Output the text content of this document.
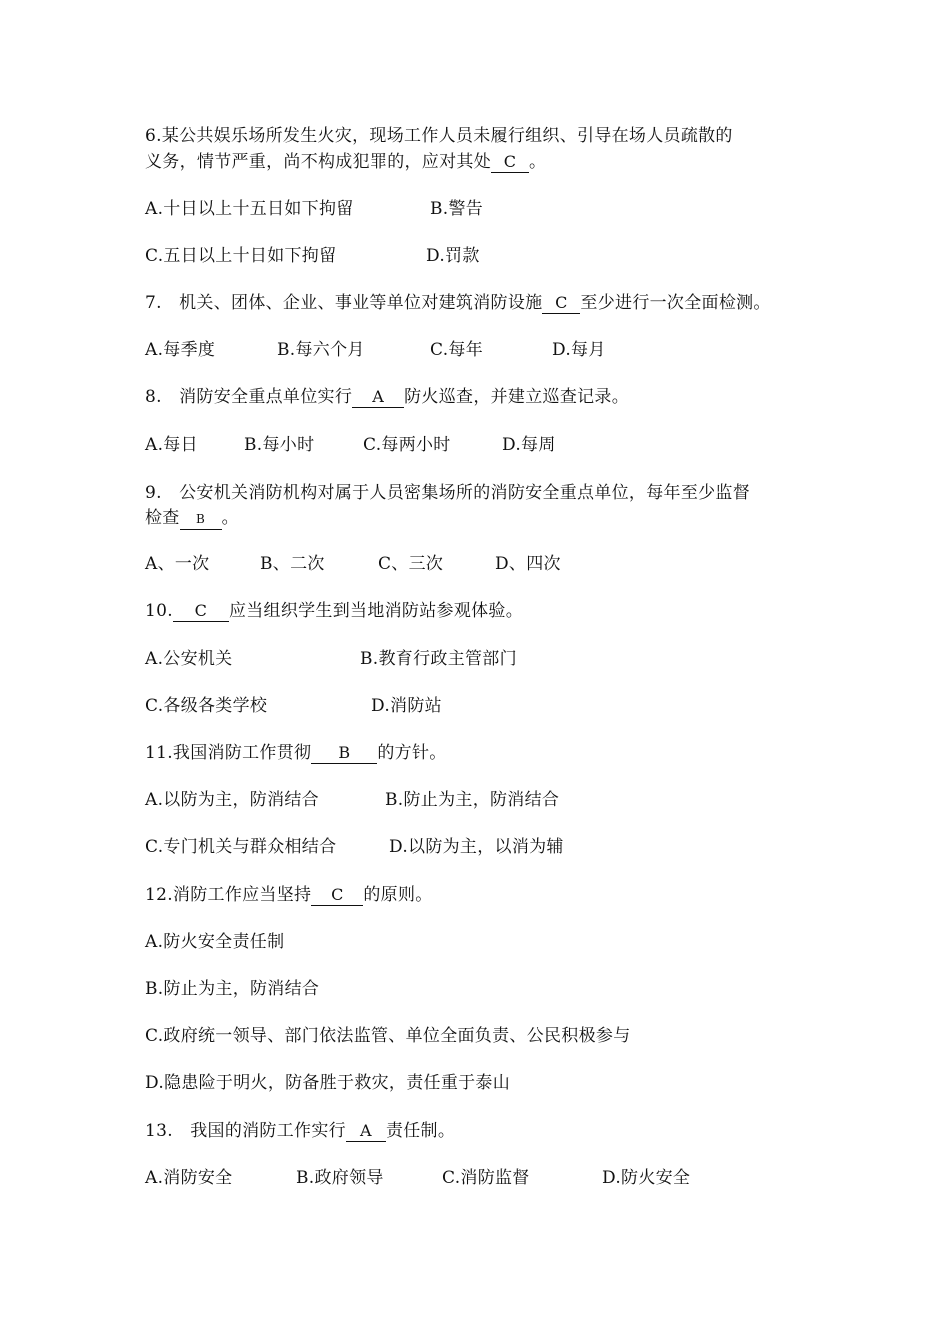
6.某公共娱乐场所发生火灾，现场工作人员未履行组织、引导在场人员疏散的
义务，情节严重，尚不构成犯罪的，应对其处 C 。
A.十日以上十五日如下拘留	B.警告
C.五日以上十日如下拘留	D.罚款
7.　机关、团体、企业、事业等单位对建筑消防设施 C 至少进行一次全面检测。
A.每季度	B.每六个月	C.每年	D.每月
8.　消防安全重点单位实行 A 防火巡查，并建立巡查记录。
A.每日	B.每小时	C.每两小时	D.每周
9.　公安机关消防机构对属于人员密集场所的消防安全重点单位，每年至少监督
检查 B 。
A、一次	B、二次	C、三次	D、四次
10. C 应当组织学生到当地消防站参观体验。
A.公安机关	B.教育行政主管部门
C.各级各类学校	D.消防站
11.我国消防工作贯彻 B 的方针。
A.以防为主，防消结合	B.防止为主，防消结合
C.专门机关与群众相结合	D.以防为主，以消为辅
12.消防工作应当坚持 C 的原则。
A.防火安全责任制
B.防止为主，防消结合
C.政府统一领导、部门依法监管、单位全面负责、公民积极参与
D.隐患险于明火，防备胜于救灾，责任重于泰山
13.　我国的消防工作实行 A 责任制。
A.消防安全	B.政府领导	C.消防监督	D.防火安全
